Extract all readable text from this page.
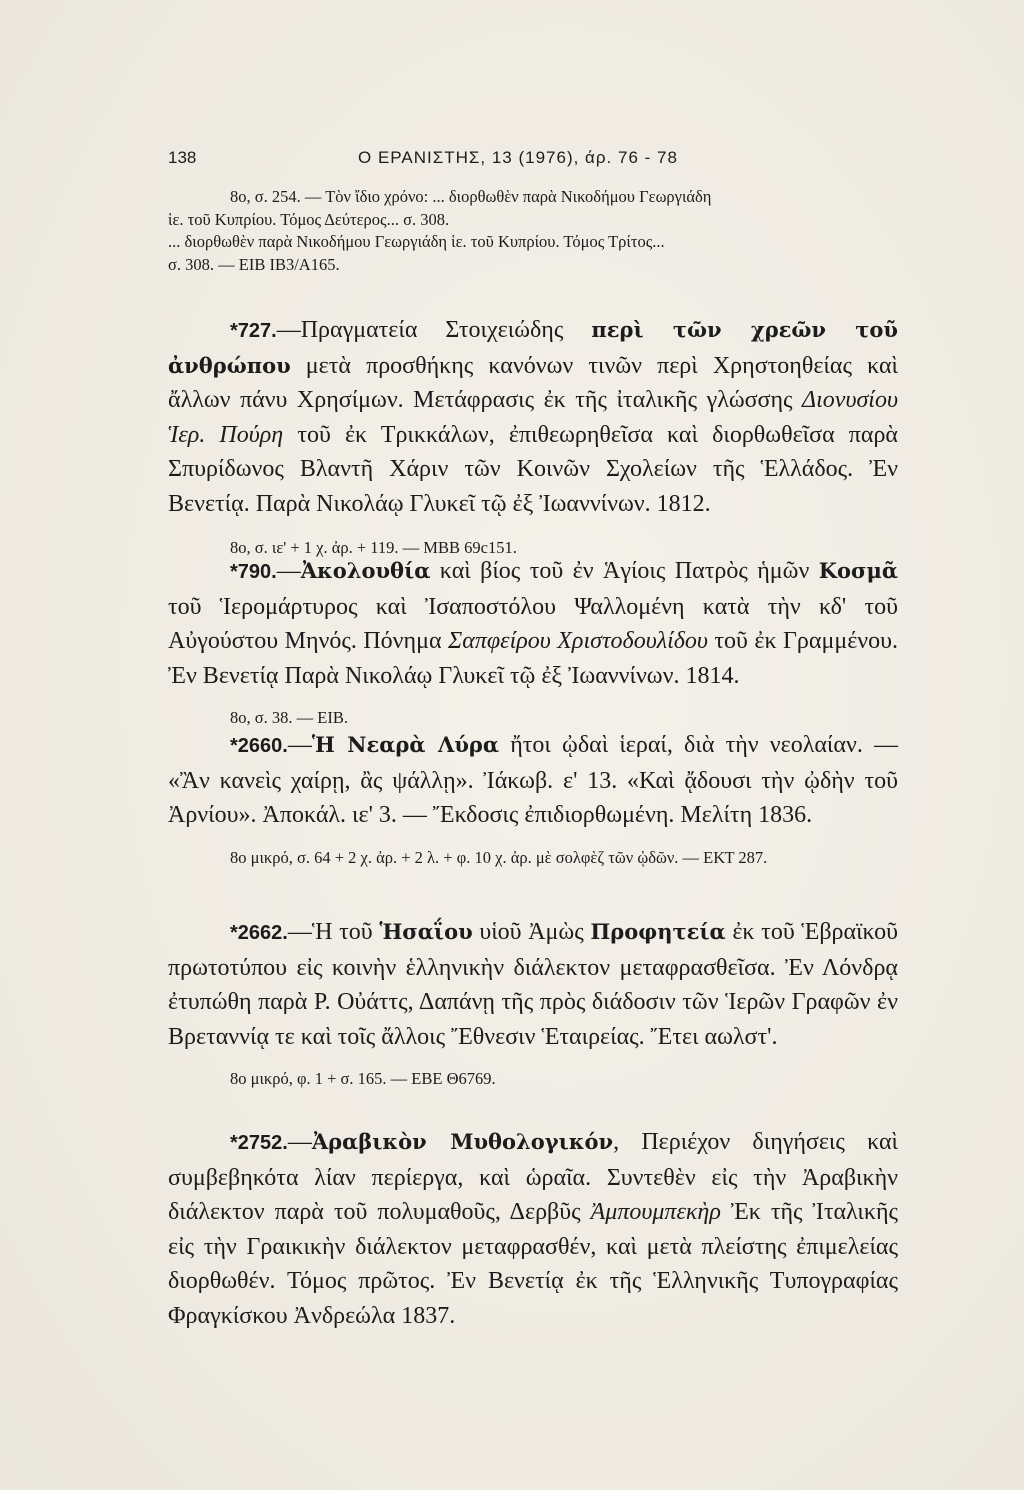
138	Ο ΕΡΑΝΙΣΤΗΣ, 13 (1976), άρ. 76 - 78
8ο, σ. 254. — Τὸν ἴδιο χρόνο: ... διορθωθὲν παρὰ Νικοδήμου Γεωργιάδη
ἱε. τοῦ Κυπρίου. Τόμος Δεύτερος... σ. 308.
... διορθωθὲν παρὰ Νικοδήμου Γεωργιάδη ἱε. τοῦ Κυπρίου. Τόμος Τρίτος...
σ. 308. — ΕΙΒ ΙΒ3/Α165.

*727.—Πραγματεία Στοιχειώδης περὶ τῶν χρεῶν τοῦ ἀνθρώπου μετὰ προσθήκης κανόνων τινῶν περὶ Χρηστοηθείας καὶ ἄλλων πάνυ Χρησίμων. Μετάφρασις ἐκ τῆς ἰταλικῆς γλώσσης Διονυσίου Ἱερ. Πούρη τοῦ ἐκ Τρικκάλων, ἐπιθεωρηθεῖσα καὶ διορθωθεῖσα παρὰ Σπυρίδωνος Βλαντῆ Χάριν τῶν Κοινῶν Σχολείων τῆς Ἑλλάδος. Ἐν Βενετίᾳ. Παρὰ Νικολάῳ Γλυκεῖ τῷ ἐξ Ἰωαννίνων. 1812.

8ο, σ. ιε' + 1 χ. ἀρ. + 119. — ΜΒΒ 69c151.

*790.—Ἀκολουθία καὶ βίος τοῦ ἐν Ἁγίοις Πατρὸς ἡμῶν Κοσμᾶ τοῦ Ἱερομάρτυρος καὶ Ἰσαποστόλου Ψαλλομένη κατὰ τὴν κδ' τοῦ Αὐγούστου Μηνός. Πόνημα Σαπφείρου Χριστοδουλίδου τοῦ ἐκ Γραμμένου. Ἐν Βενετίᾳ Παρὰ Νικολάῳ Γλυκεῖ τῷ ἐξ Ἰωαννίνων. 1814.

8ο, σ. 38. — ΕΙΒ.

*2660.—Ἡ Νεαρὰ Λύρα ἤτοι ᾠδαὶ ἱεραί, διὰ τὴν νεολαίαν. — «Ἂν κανεὶς χαίρῃ, ἂς ψάλλῃ». Ἰάκωβ. ε' 13. «Καὶ ᾄδουσι τὴν ᾠδὴν τοῦ Ἀρνίου». Ἀποκάλ. ιε' 3. — Ἔκδοσις ἐπιδιορθωμένη. Μελίτη 1836.

8ο μικρό, σ. 64 + 2 χ. ἀρ. + 2 λ. + φ. 10 χ. ἀρ. μὲ σολφὲζ τῶν ᾠδῶν. — ΕΚΤ 287.

*2662.—Ἡ τοῦ Ἡσαΐου υἱοῦ Ἀμὼς Προφητεία ἐκ τοῦ Ἑβραϊκοῦ πρωτοτύπου εἰς κοινὴν ἑλληνικὴν διάλεκτον μεταφρασθεῖσα. Ἐν Λόνδρᾳ ἐτυπώθη παρὰ Ρ. Οὐάττς, Δαπάνῃ τῆς πρὸς διάδοσιν τῶν Ἱερῶν Γραφῶν ἐν Βρεταννίᾳ τε καὶ τοῖς ἄλλοις Ἔθνεσιν Ἑταιρείας. Ἔτει αωλστ'.

8ο μικρό, φ. 1 + σ. 165. — ΕΒΕ Θ6769.

*2752.—Ἀραβικὸν Μυθολογικόν, Περιέχον διηγήσεις καὶ συμβεβηκότα λίαν περίεργα, καὶ ὡραῖα. Συντεθὲν εἰς τὴν Ἀραβικὴν διάλεκτον παρὰ τοῦ πολυμαθοῦς, Δερβῦς Ἀμπουμπεκὴρ Ἐκ τῆς Ἰταλικῆς εἰς τὴν Γραικικὴν διάλεκτον μεταφρασθέν, καὶ μετὰ πλείστης ἐπιμελείας διορθωθέν. Τόμος πρῶτος. Ἐν Βενετίᾳ ἐκ τῆς Ἑλληνικῆς Τυπογραφίας Φραγκίσκου Ἀνδρεώλα 1837.
